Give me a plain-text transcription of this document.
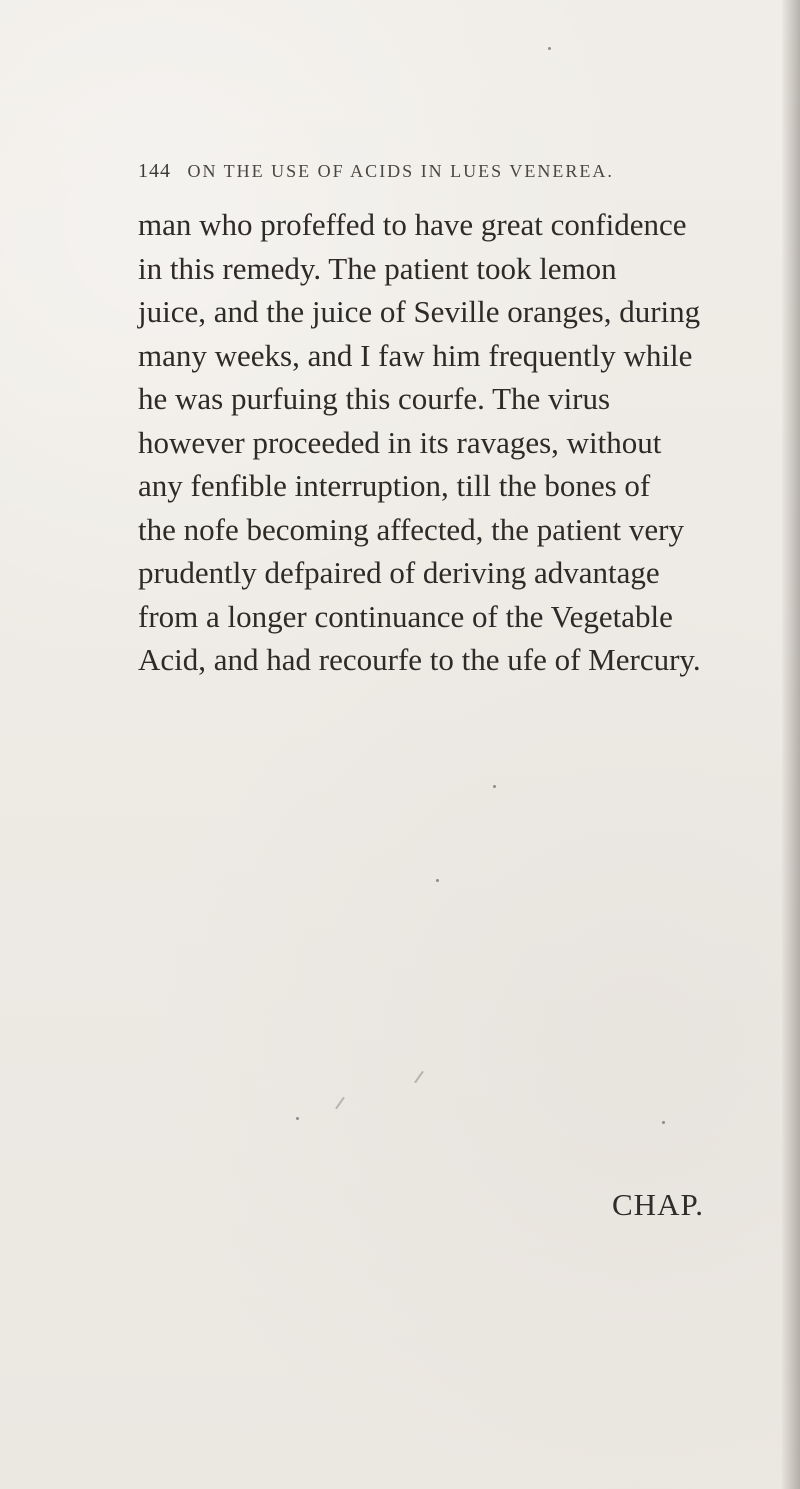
144 ON THE USE OF ACIDS IN LUES VENEREA.
man who profeffed to have great confidence
in this remedy. The patient took lemon
juice, and the juice of Seville oranges, during
many weeks, and I faw him frequently while
he was purfuing this courfe. The virus
however proceeded in its ravages, without
any fenfible interruption, till the bones of
the nofe becoming affected, the patient very
prudently defpaired of deriving advantage
from a longer continuance of the Vegetable
Acid, and had recourfe to the ufe of Mercury.
CHAP.
